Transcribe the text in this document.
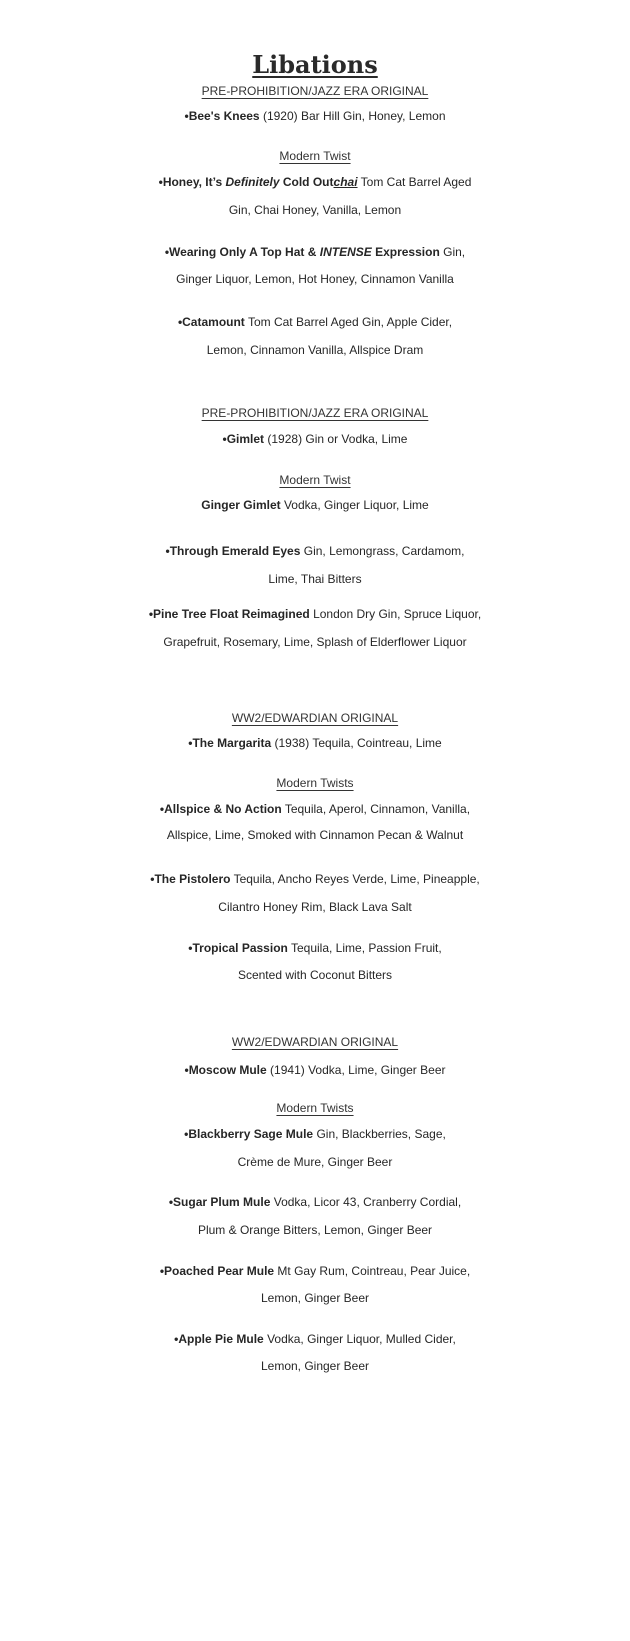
Libations
PRE-PROHIBITION/JAZZ ERA ORIGINAL
•Bee's Knees (1920) Bar Hill Gin, Honey, Lemon
Modern Twist
•Honey, It’s Definitely Cold Outchai Tom Cat Barrel Aged
Gin, Chai Honey, Vanilla, Lemon
•Wearing Only A Top Hat & INTENSE Expression Gin,
Ginger Liquor, Lemon, Hot Honey, Cinnamon Vanilla
•Catamount Tom Cat Barrel Aged Gin, Apple Cider,
Lemon, Cinnamon Vanilla, Allspice Dram
PRE-PROHIBITION/JAZZ ERA ORIGINAL
•Gimlet (1928) Gin or Vodka, Lime
Modern Twist
Ginger Gimlet Vodka, Ginger Liquor, Lime
•Through Emerald Eyes Gin, Lemongrass, Cardamom,
Lime, Thai Bitters
•Pine Tree Float Reimagined London Dry Gin, Spruce Liquor,
Grapefruit, Rosemary, Lime, Splash of Elderflower Liquor
WW2/EDWARDIAN ORIGINAL
•The Margarita (1938) Tequila, Cointreau, Lime
Modern Twists
•Allspice & No Action Tequila, Aperol, Cinnamon, Vanilla,
Allspice, Lime, Smoked with Cinnamon Pecan & Walnut
•The Pistolero Tequila, Ancho Reyes Verde, Lime, Pineapple,
Cilantro Honey Rim, Black Lava Salt
•Tropical Passion Tequila, Lime, Passion Fruit,
Scented with Coconut Bitters
WW2/EDWARDIAN ORIGINAL
•Moscow Mule (1941) Vodka, Lime, Ginger Beer
Modern Twists
•Blackberry Sage Mule Gin, Blackberries, Sage,
Crème de Mure, Ginger Beer
•Sugar Plum Mule Vodka, Licor 43, Cranberry Cordial,
Plum & Orange Bitters, Lemon, Ginger Beer
•Poached Pear Mule Mt Gay Rum, Cointreau, Pear Juice,
Lemon, Ginger Beer
•Apple Pie Mule Vodka, Ginger Liquor, Mulled Cider,
Lemon, Ginger Beer
